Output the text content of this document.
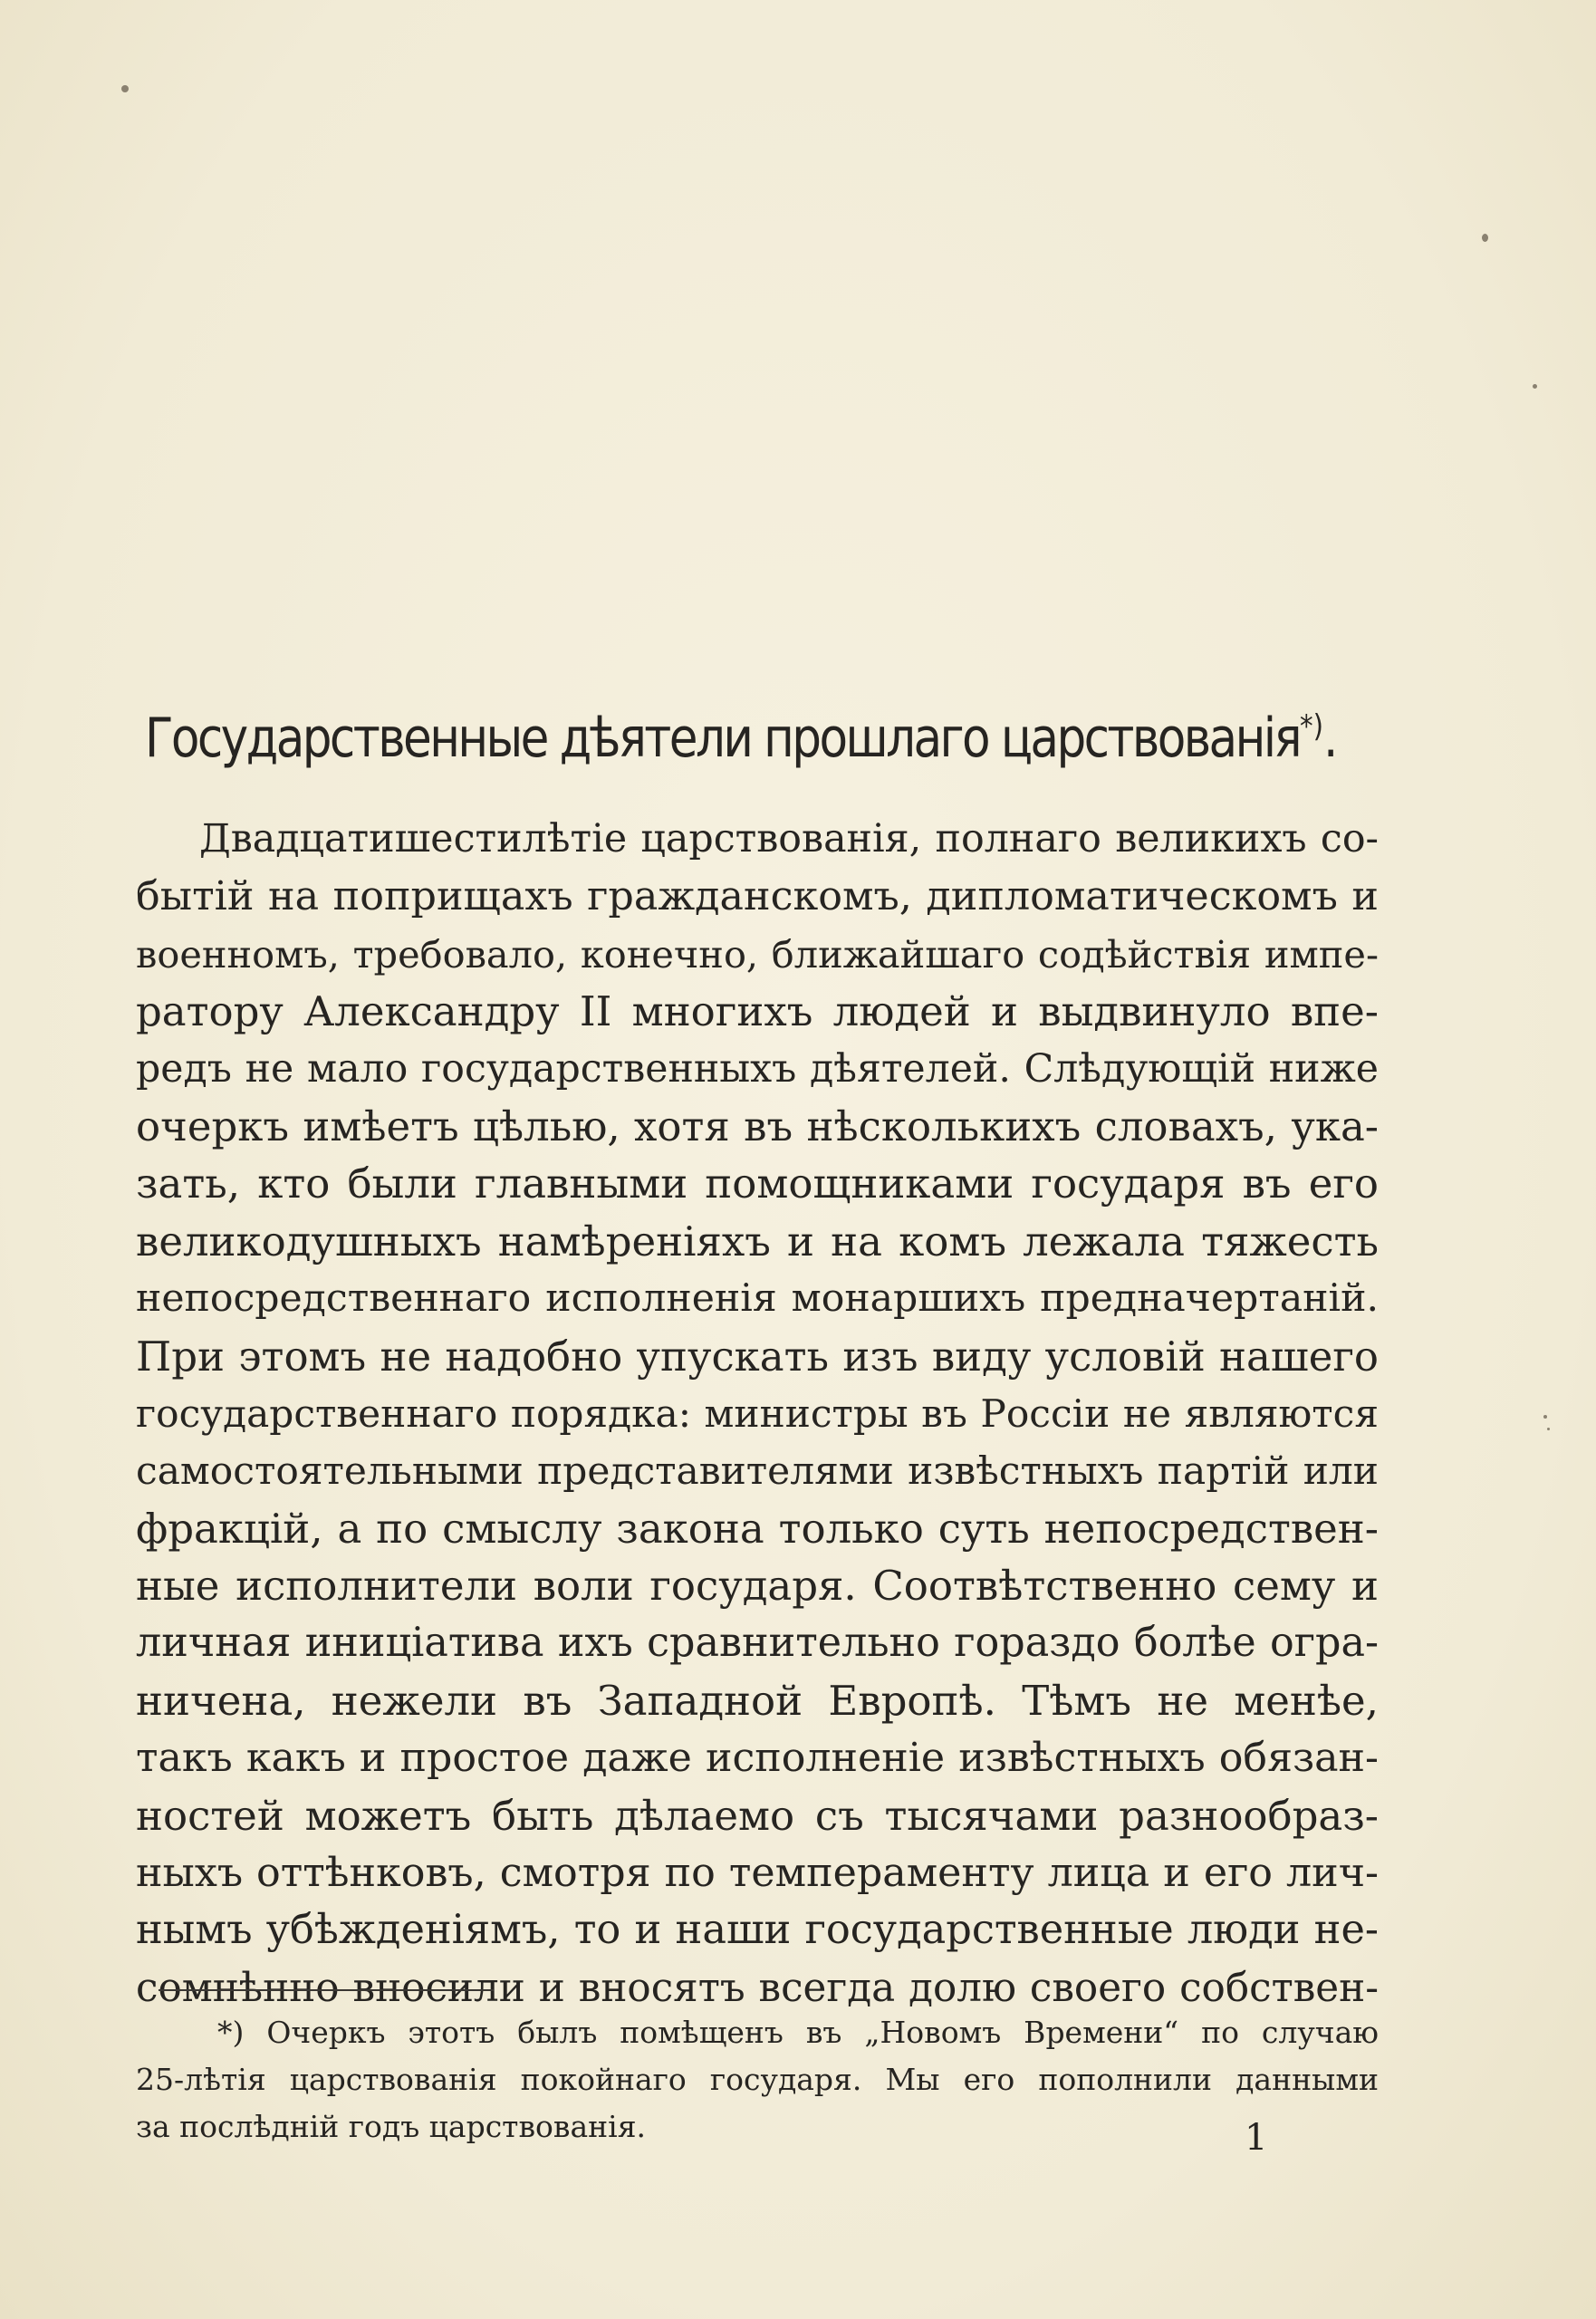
Государственные дѣятели прошлаго царствованія*).
Двадцатишестилѣтіе царствованія, полнаго великихъ со-
бытій на поприщахъ гражданскомъ, дипломатическомъ и
военномъ, требовало, конечно, ближайшаго содѣйствія импе-
ратору Александру II многихъ людей и выдвинуло впе-
редъ не мало государственныхъ дѣятелей. Слѣдующій ниже
очеркъ имѣетъ цѣлью, хотя въ нѣсколькихъ словахъ, ука-
зать, кто были главными помощниками государя въ его
великодушныхъ намѣреніяхъ и на комъ лежала тяжесть
непосредственнаго исполненія монаршихъ предначертаній.
При этомъ не надобно упускать изъ виду условій нашего
государственнаго порядка: министры въ Россіи не являются
самостоятельными представителями извѣстныхъ партій или
фракцій, а по смыслу закона только суть непосредствен-
ные исполнители воли государя. Соотвѣтственно сему и
личная иниціатива ихъ сравнительно гораздо болѣе огра-
ничена, нежели въ Западной Европѣ. Тѣмъ не менѣе,
такъ какъ и простое даже исполненіе извѣстныхъ обязан-
ностей можетъ быть дѣлаемо съ тысячами разнообраз-
ныхъ оттѣнковъ, смотря по темпераменту лица и его лич-
нымъ убѣжденіямъ, то и наши государственные люди не-
сомнѣнно вносили и вносятъ всегда долю своего собствен-
*) Очеркъ этотъ былъ помѣщенъ въ „Новомъ Времени“ по случаю
25-лѣтія царствованія покойнаго государя. Мы его пополнили данными
за послѣдній годъ царствованія.	1
